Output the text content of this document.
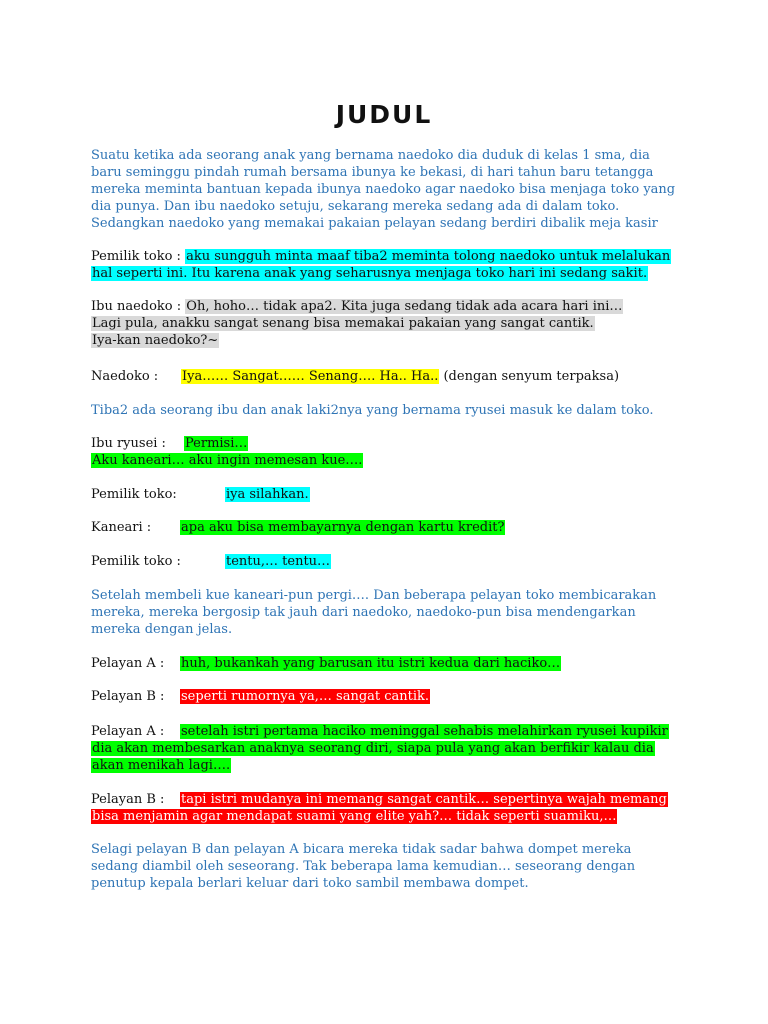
JUDUL
Suatu ketika ada seorang anak yang bernama naedoko dia duduk di kelas 1 sma, dia
baru seminggu pindah rumah bersama ibunya ke bekasi, di hari tahun baru tetangga
mereka meminta bantuan kepada ibunya naedoko agar naedoko bisa menjaga toko yang
dia punya. Dan ibu naedoko setuju, sekarang mereka sedang ada di dalam toko.
Sedangkan naedoko yang memakai pakaian pelayan sedang berdiri dibalik meja kasir
Pemilik toko : aku sungguh minta maaf tiba2 meminta tolong naedoko untuk melalukan
hal seperti ini. Itu karena anak yang seharusnya menjaga toko hari ini sedang sakit.
Ibu naedoko : Oh, hoho… tidak apa2. Kita juga sedang tidak ada acara hari ini…
Lagi pula, anakku sangat senang bisa memakai pakaian yang sangat cantik.
Iya-kan naedoko?~
Naedoko : Iya…… Sangat…… Senang…. Ha.. Ha.. (dengan senyum terpaksa)
Tiba2 ada seorang ibu dan anak laki2nya yang bernama ryusei masuk ke dalam toko.
Ibu ryusei : Permisi…
Aku kaneari… aku ingin memesan kue….
Pemilik toko:	iya silahkan.
Kaneari : apa aku bisa membayarnya dengan kartu kredit?
Pemilik toko :	tentu,… tentu…
Setelah membeli kue kaneari-pun pergi…. Dan beberapa pelayan toko membicarakan
mereka, mereka bergosip tak jauh dari naedoko, naedoko-pun bisa mendengarkan
mereka dengan jelas.
Pelayan A : huh, bukankah yang barusan itu istri kedua dari haciko…
Pelayan B : seperti rumornya ya,… sangat cantik.
Pelayan A : setelah istri pertama haciko meninggal sehabis melahirkan ryusei kupikir
dia akan membesarkan anaknya seorang diri, siapa pula yang akan berfikir kalau dia
akan menikah lagi….
Pelayan B : tapi istri mudanya ini memang sangat cantik… sepertinya wajah memang
bisa menjamin agar mendapat suami yang elite yah?… tidak seperti suamiku,…
Selagi pelayan B dan pelayan A bicara mereka tidak sadar bahwa dompet mereka
sedang diambil oleh seseorang. Tak beberapa lama kemudian… seseorang dengan
penutup kepala berlari keluar dari toko sambil membawa dompet.
